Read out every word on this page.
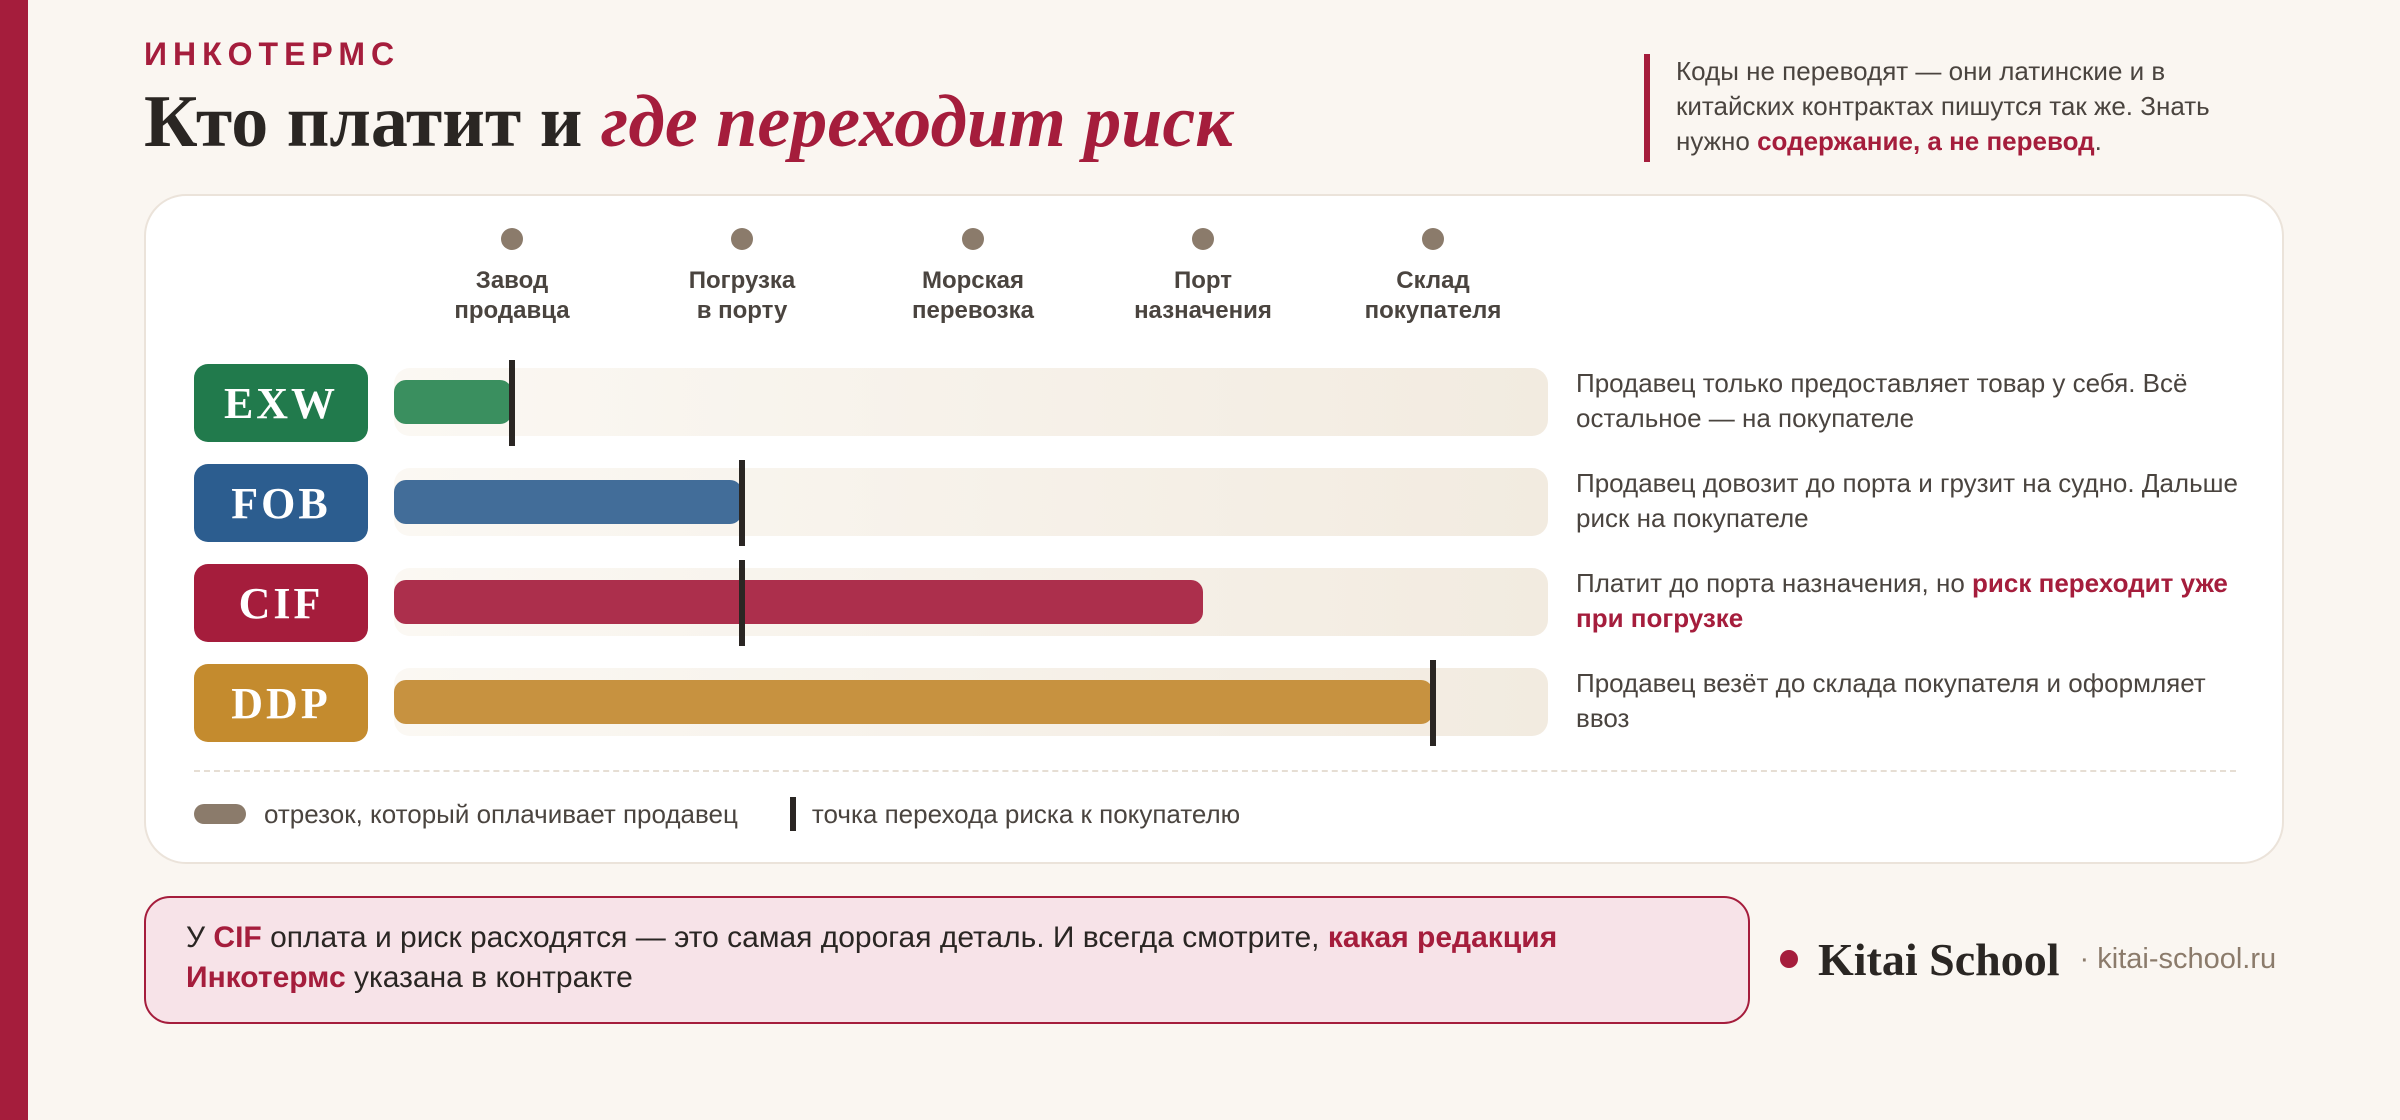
ИНКОТЕРМС
Кто платит и где переходит риск
Коды не переводят — они латинские и в китайских контрактах пишутся так же. Знать нужно содержание, а не перевод.
отрезок, который оплачивает продавец	точка перехода риска к покупателю
Завод
продавца
Погрузка
в порту
Морская
перевозка
Порт
назначения
Склад
покупателя
EXW	Продавец только предоставляет товар у себя. Всё остальное — на покупателе
FOB	Продавец довозит до порта и грузит на судно. Дальше риск на покупателе
CIF	Платит до порта назначения, но риск переходит уже при погрузке
DDP	Продавец везёт до склада покупателя и оформляет ввоз
У CIF оплата и риск расходятся — это самая дорогая деталь. И всегда смотрите, какая редакция Инкотермс указана в контракте	Kitai School · kitai-school.ru
